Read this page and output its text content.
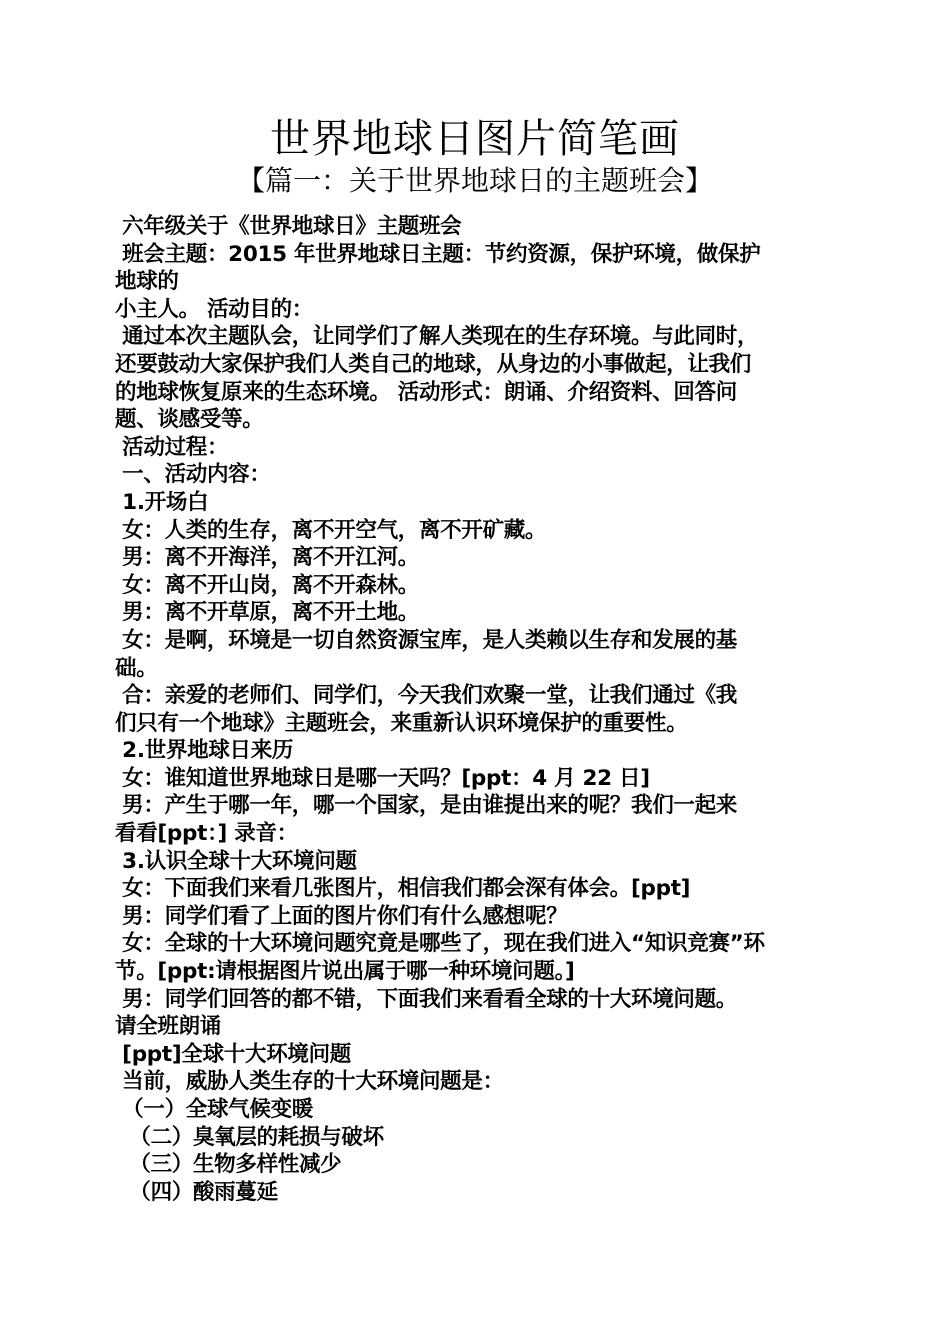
世界地球日图片简笔画
【篇一：关于世界地球日的主题班会】
六年级关于《世界地球日》主题班会
班会主题：2015 年世界地球日主题：节约资源，保护环境，做保护
地球的
小主人。 活动目的：
通过本次主题队会，让同学们了解人类现在的生存环境。与此同时，
还要鼓动大家保护我们人类自己的地球，从身边的小事做起，让我们
的地球恢复原来的生态环境。 活动形式：朗诵、介绍资料、回答问
题、谈感受等。
活动过程：
一、活动内容：
1.开场白
女：人类的生存，离不开空气，离不开矿藏。
男：离不开海洋，离不开江河。
女：离不开山岗，离不开森林。
男：离不开草原，离不开土地。
女：是啊，环境是一切自然资源宝库，是人类赖以生存和发展的基
础。
合：亲爱的老师们、同学们，今天我们欢聚一堂，让我们通过《我
们只有一个地球》主题班会，来重新认识环境保护的重要性。
2.世界地球日来历
女：谁知道世界地球日是哪一天吗？[ppt：4 月 22 日]
男：产生于哪一年，哪一个国家，是由谁提出来的呢？我们一起来
看看[ppt：] 录音：
3.认识全球十大环境问题
女：下面我们来看几张图片，相信我们都会深有体会。[ppt]
男：同学们看了上面的图片你们有什么感想呢？
女：全球的十大环境问题究竟是哪些了，现在我们进入“知识竞赛”环
节。[ppt:请根据图片说出属于哪一种环境问题。]
男：同学们回答的都不错，下面我们来看看全球的十大环境问题。
请全班朗诵
[ppt]全球十大环境问题
当前，威胁人类生存的十大环境问题是：
（一）全球气候变暖
（二）臭氧层的耗损与破坏
（三）生物多样性减少
（四）酸雨蔓延
